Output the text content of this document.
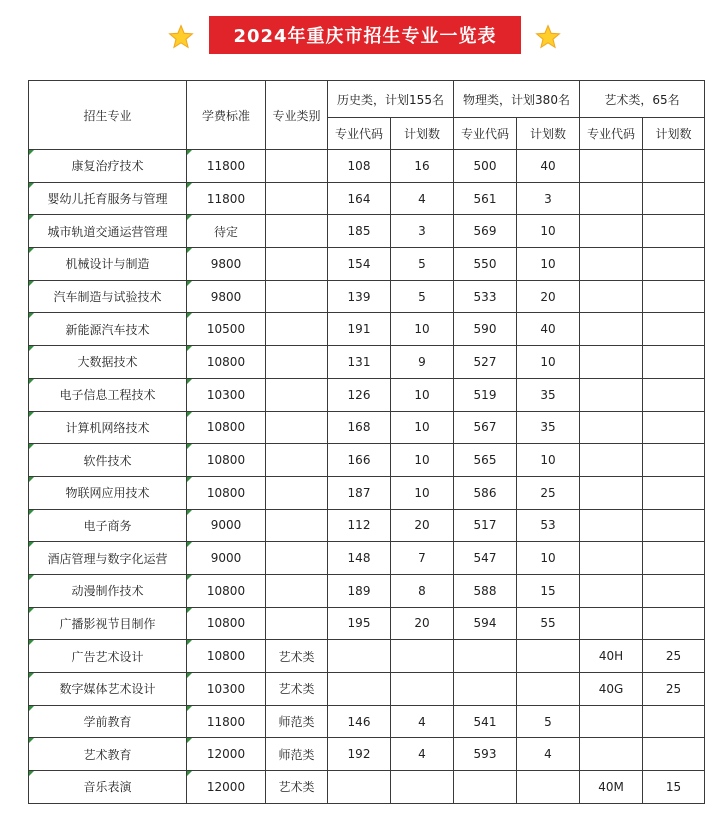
2024年重庆市招生专业一览表
招生专业	学费标准	专业类别	历史类，计划155名		物理类，计划380名		艺术类，65名	
			专业代码	计划数	专业代码	计划数	专业代码	计划数
康复治疗技术	11800		108	16	500	40		
婴幼儿托育服务与管理	11800		164	4	561	3		
城市轨道交通运营管理	待定		185	3	569	10		
机械设计与制造	9800		154	5	550	10		
汽车制造与试验技术	9800		139	5	533	20		
新能源汽车技术	10500		191	10	590	40		
大数据技术	10800		131	9	527	10		
电子信息工程技术	10300		126	10	519	35		
计算机网络技术	10800		168	10	567	35		
软件技术	10800		166	10	565	10		
物联网应用技术	10800		187	10	586	25		
电子商务	9000		112	20	517	53		
酒店管理与数字化运营	9000		148	7	547	10		
动漫制作技术	10800		189	8	588	15		
广播影视节目制作	10800		195	20	594	55		
广告艺术设计	10800	艺术类					40H	25
数字媒体艺术设计	10300	艺术类					40G	25
学前教育	11800	师范类	146	4	541	5		
艺术教育	12000	师范类	192	4	593	4		
音乐表演	12000	艺术类					40M	15
